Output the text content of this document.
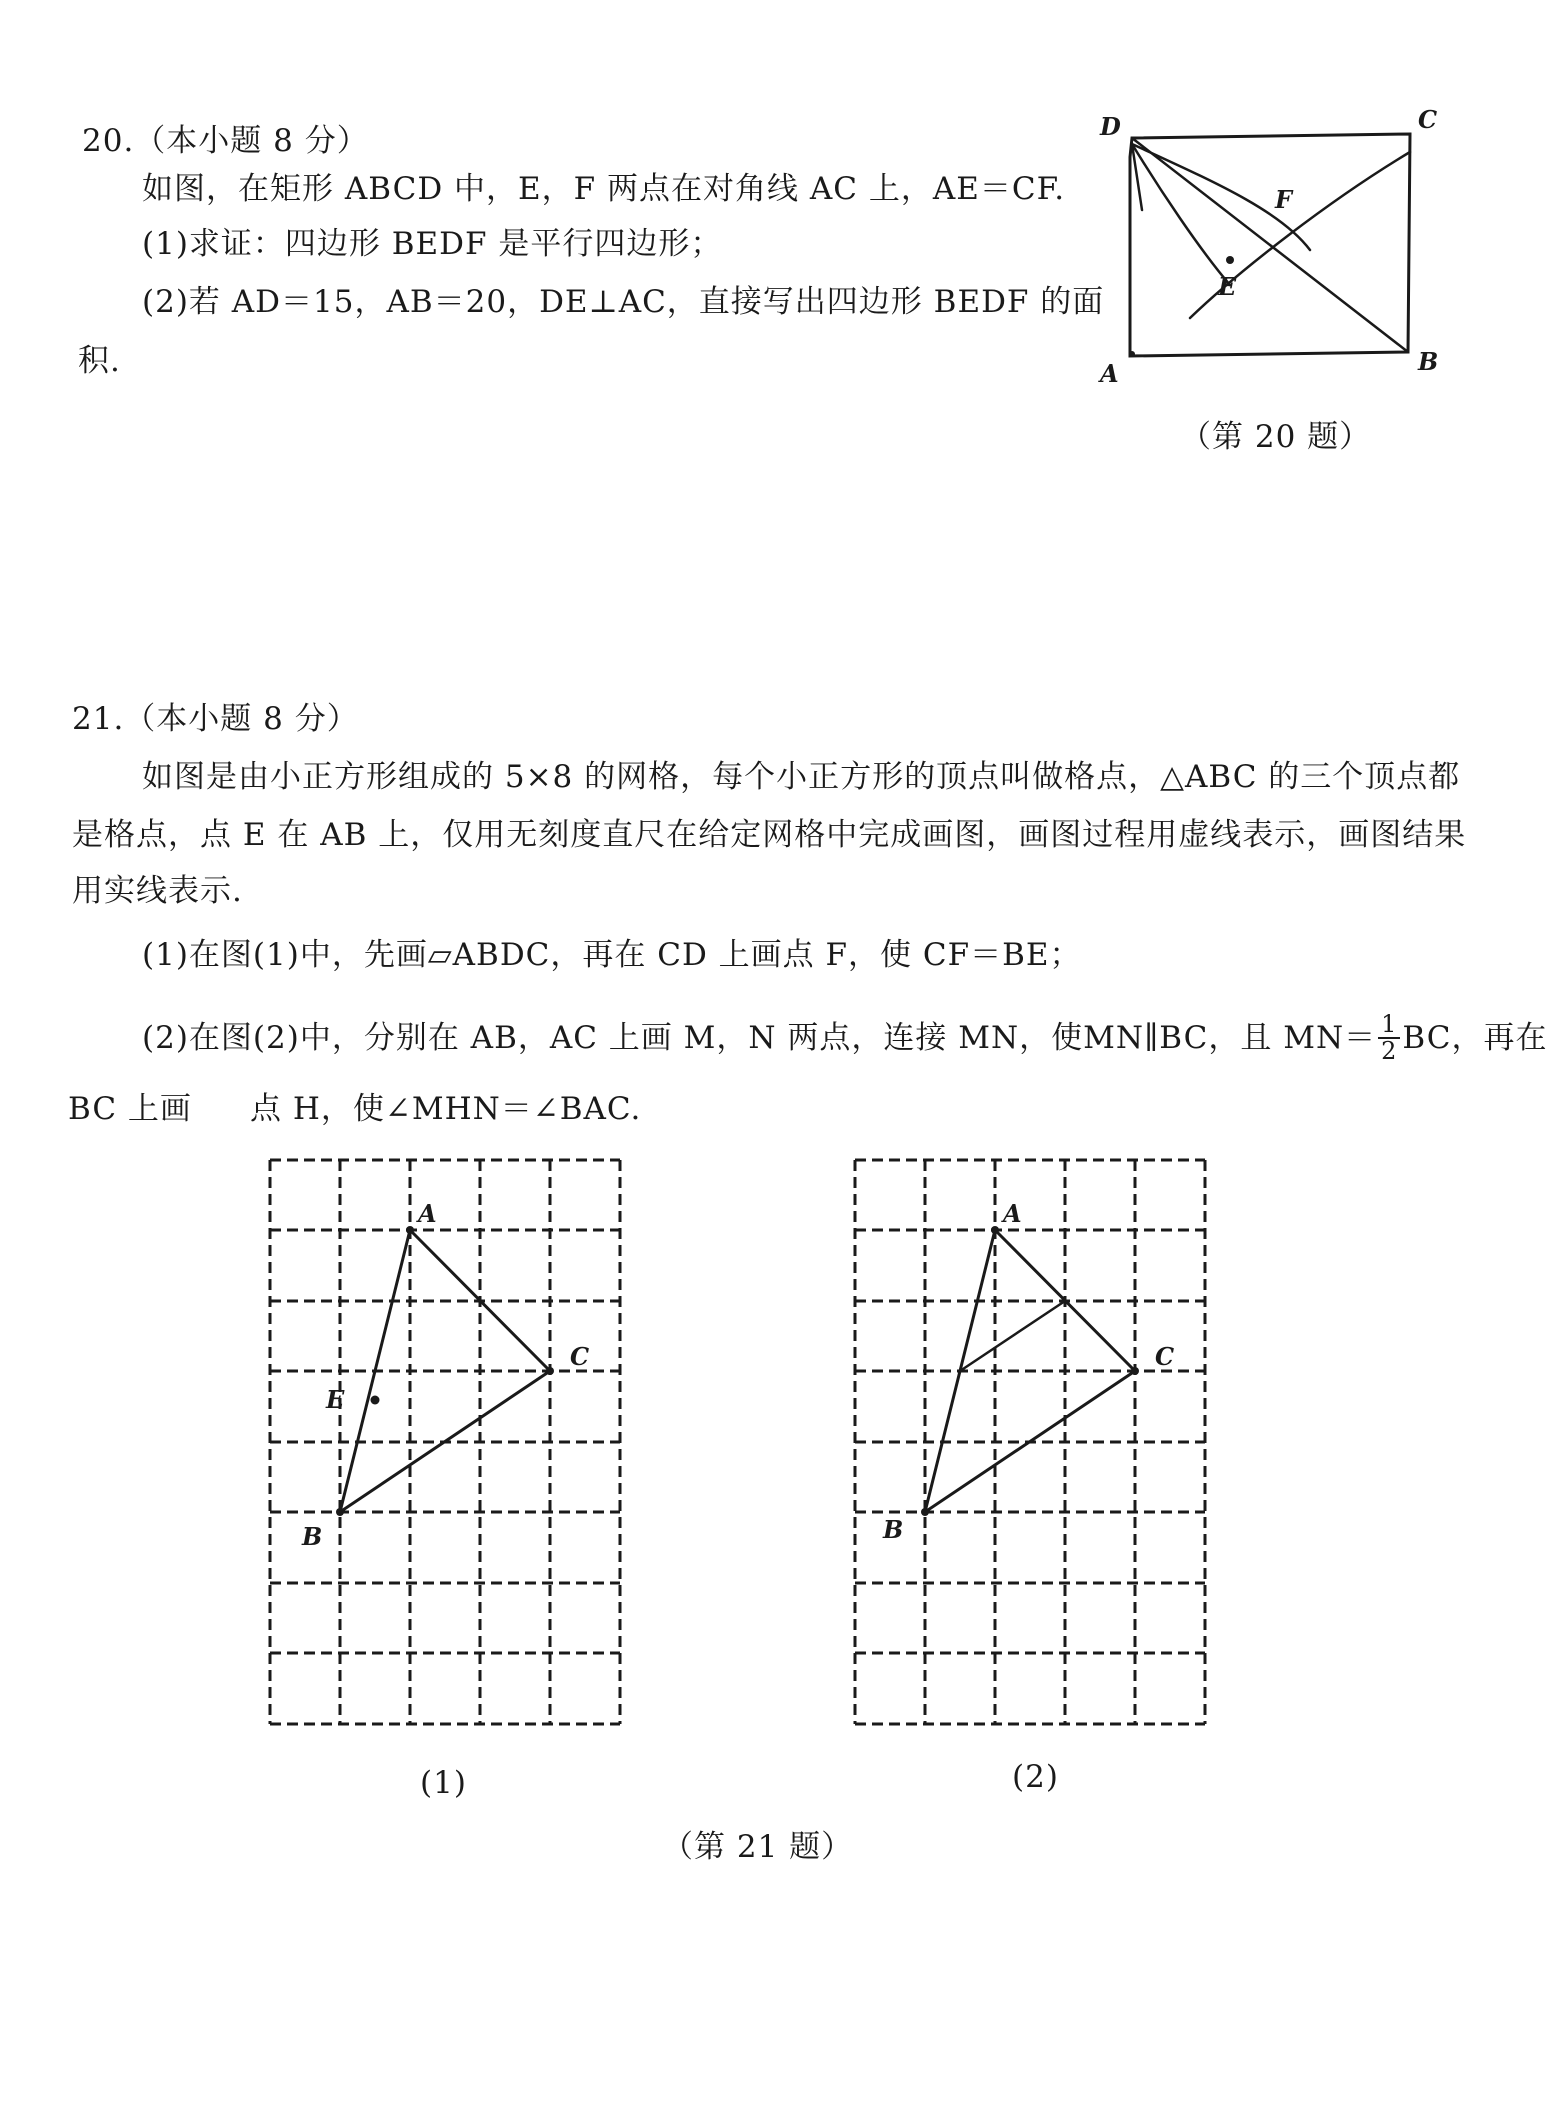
20.（本小题 8 分）
如图，在矩形 ABCD 中，E，F 两点在对角线 AC 上，AE＝CF.
(1)求证：四边形 BEDF 是平行四边形；
(2)若 AD＝15，AB＝20，DE⊥AC，直接写出四边形 BEDF 的面
积.
D	C
A	B
F
E
（第 20 题）
21.（本小题 8 分）
如图是由小正方形组成的 5×8 的网格，每个小正方形的顶点叫做格点，△ABC 的三个顶点都
是格点，点 E 在 AB 上，仅用无刻度直尺在给定网格中完成画图，画图过程用虚线表示，画图结果
用实线表示.
(1)在图(1)中，先画▱ABDC，再在 CD 上画点 F，使 CF＝BE；
(2)在图(2)中，分别在 AB，AC 上画 M，N 两点，连接 MN，使MN∥BC，且 $MN= \frac{1}{2}$ BC，再在
BC 上画 点 H，使∠MHN＝∠BAC.
A
C
B
E
(1)
A
C
B
(2)
（第 21 题）
